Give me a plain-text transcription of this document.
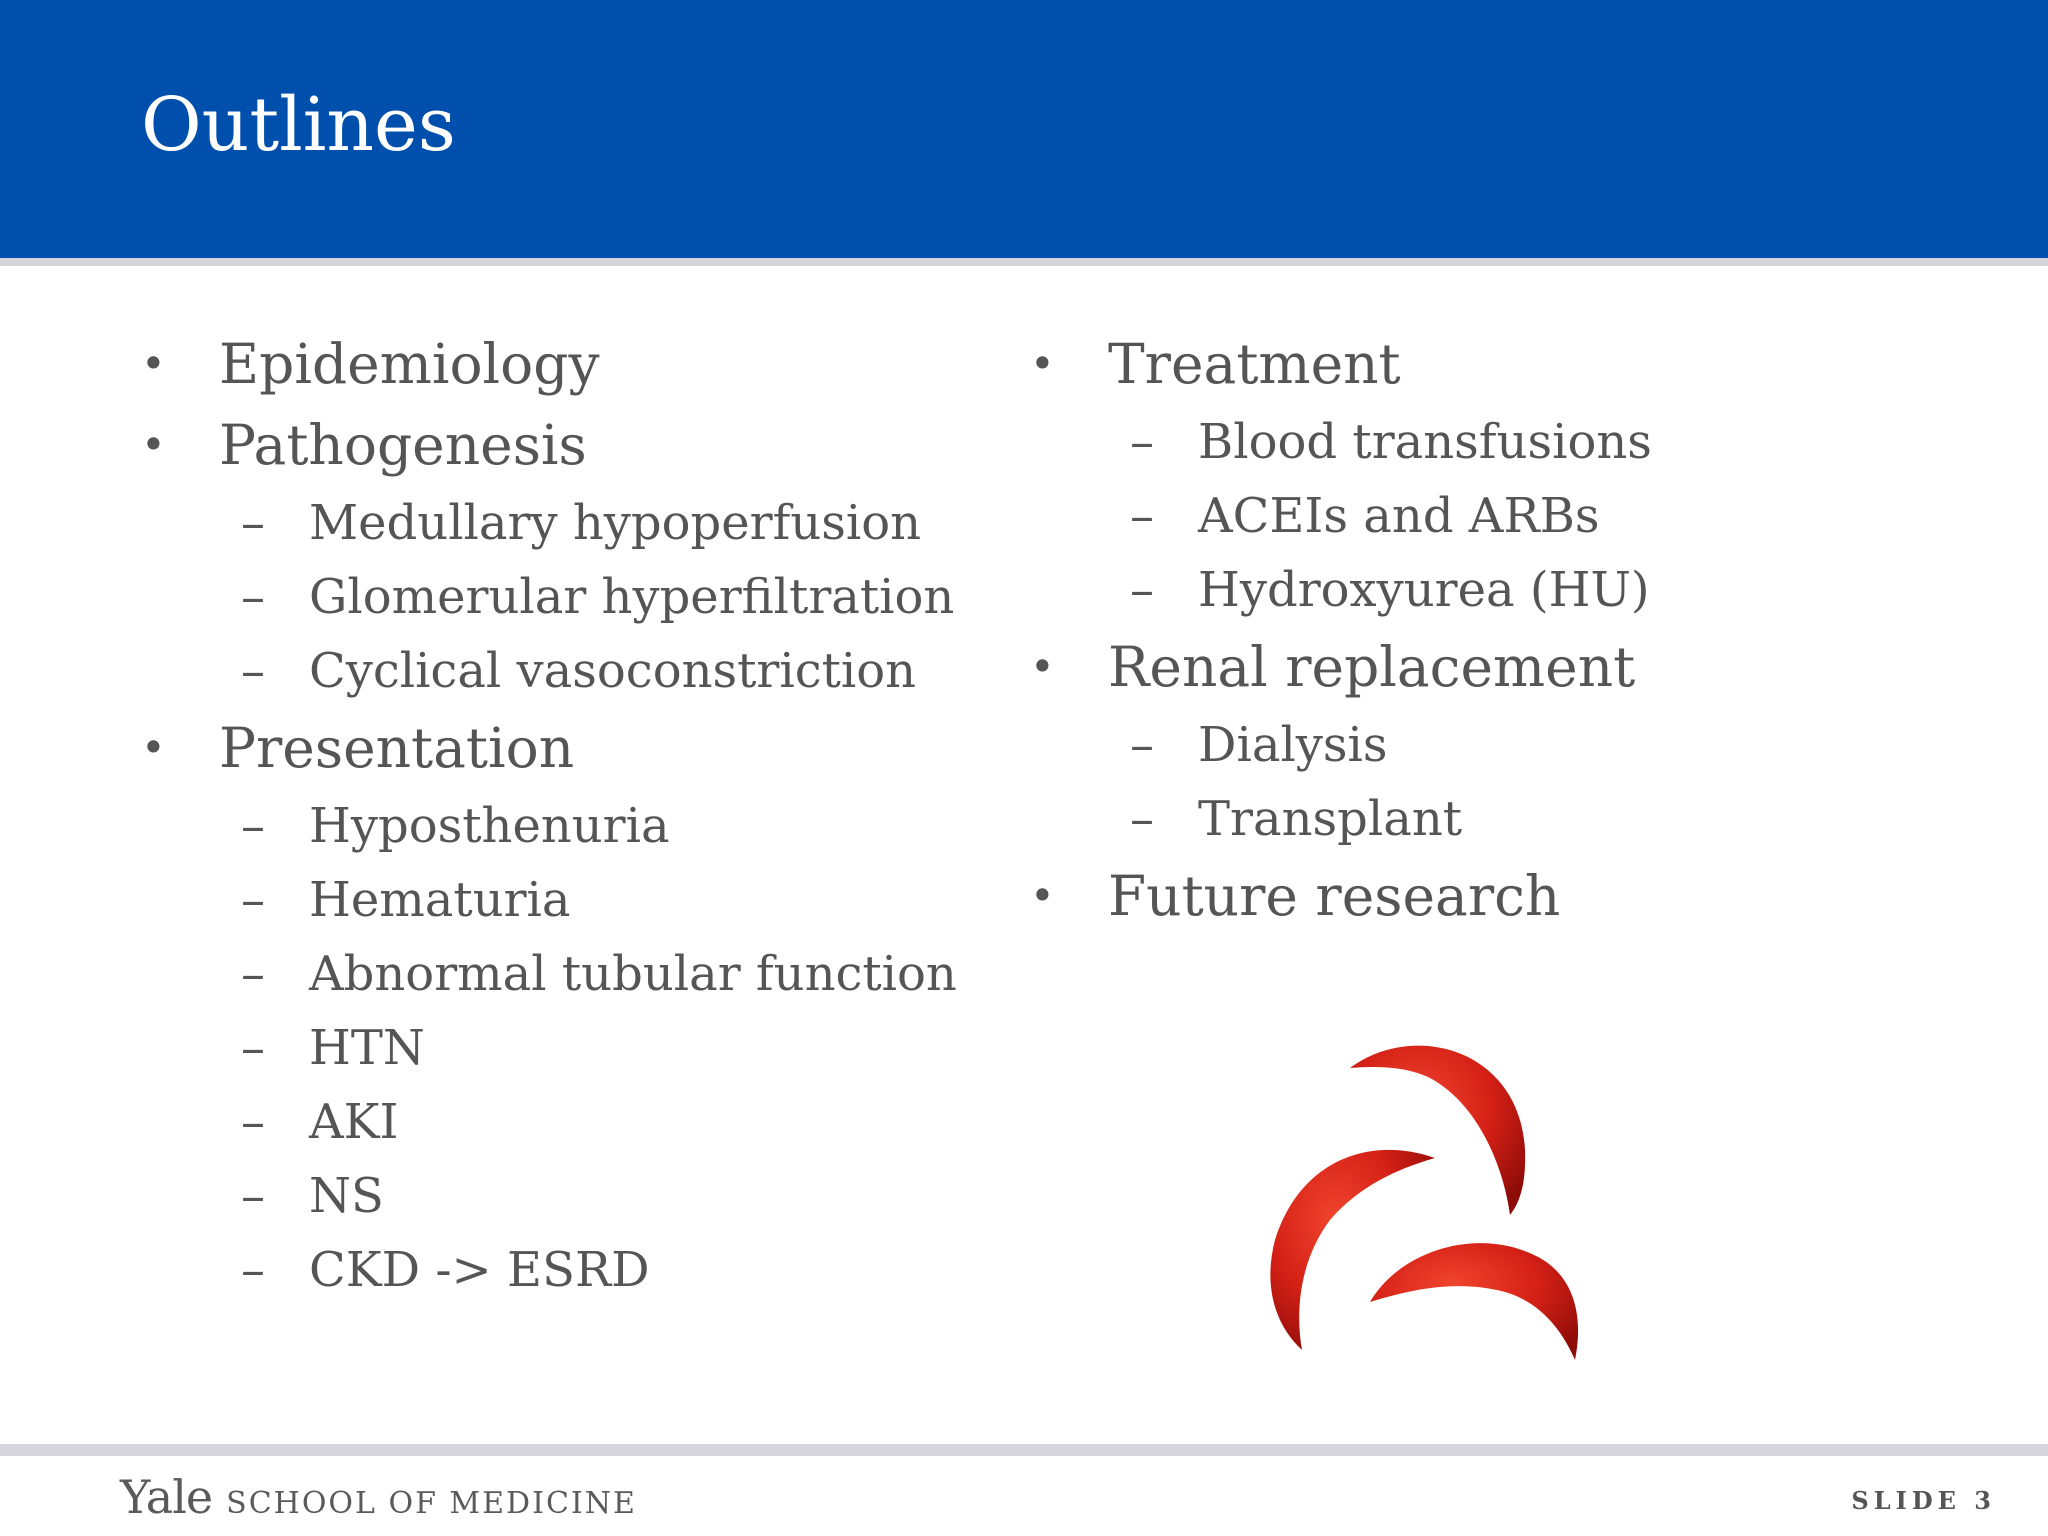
Outlines
• Epidemiology
• Pathogenesis
– Medullary hypoperfusion
– Glomerular hyperfiltration
– Cyclical vasoconstriction
• Presentation
– Hyposthenuria
– Hematuria
– Abnormal tubular function
– HTN
– AKI
– NS
– CKD -> ESRD
• Treatment
– Blood transfusions
– ACEIs and ARBs
– Hydroxyurea (HU)
• Renal replacement
– Dialysis
– Transplant
• Future research
Yale SCHOOL OF MEDICINE	SLIDE 3
